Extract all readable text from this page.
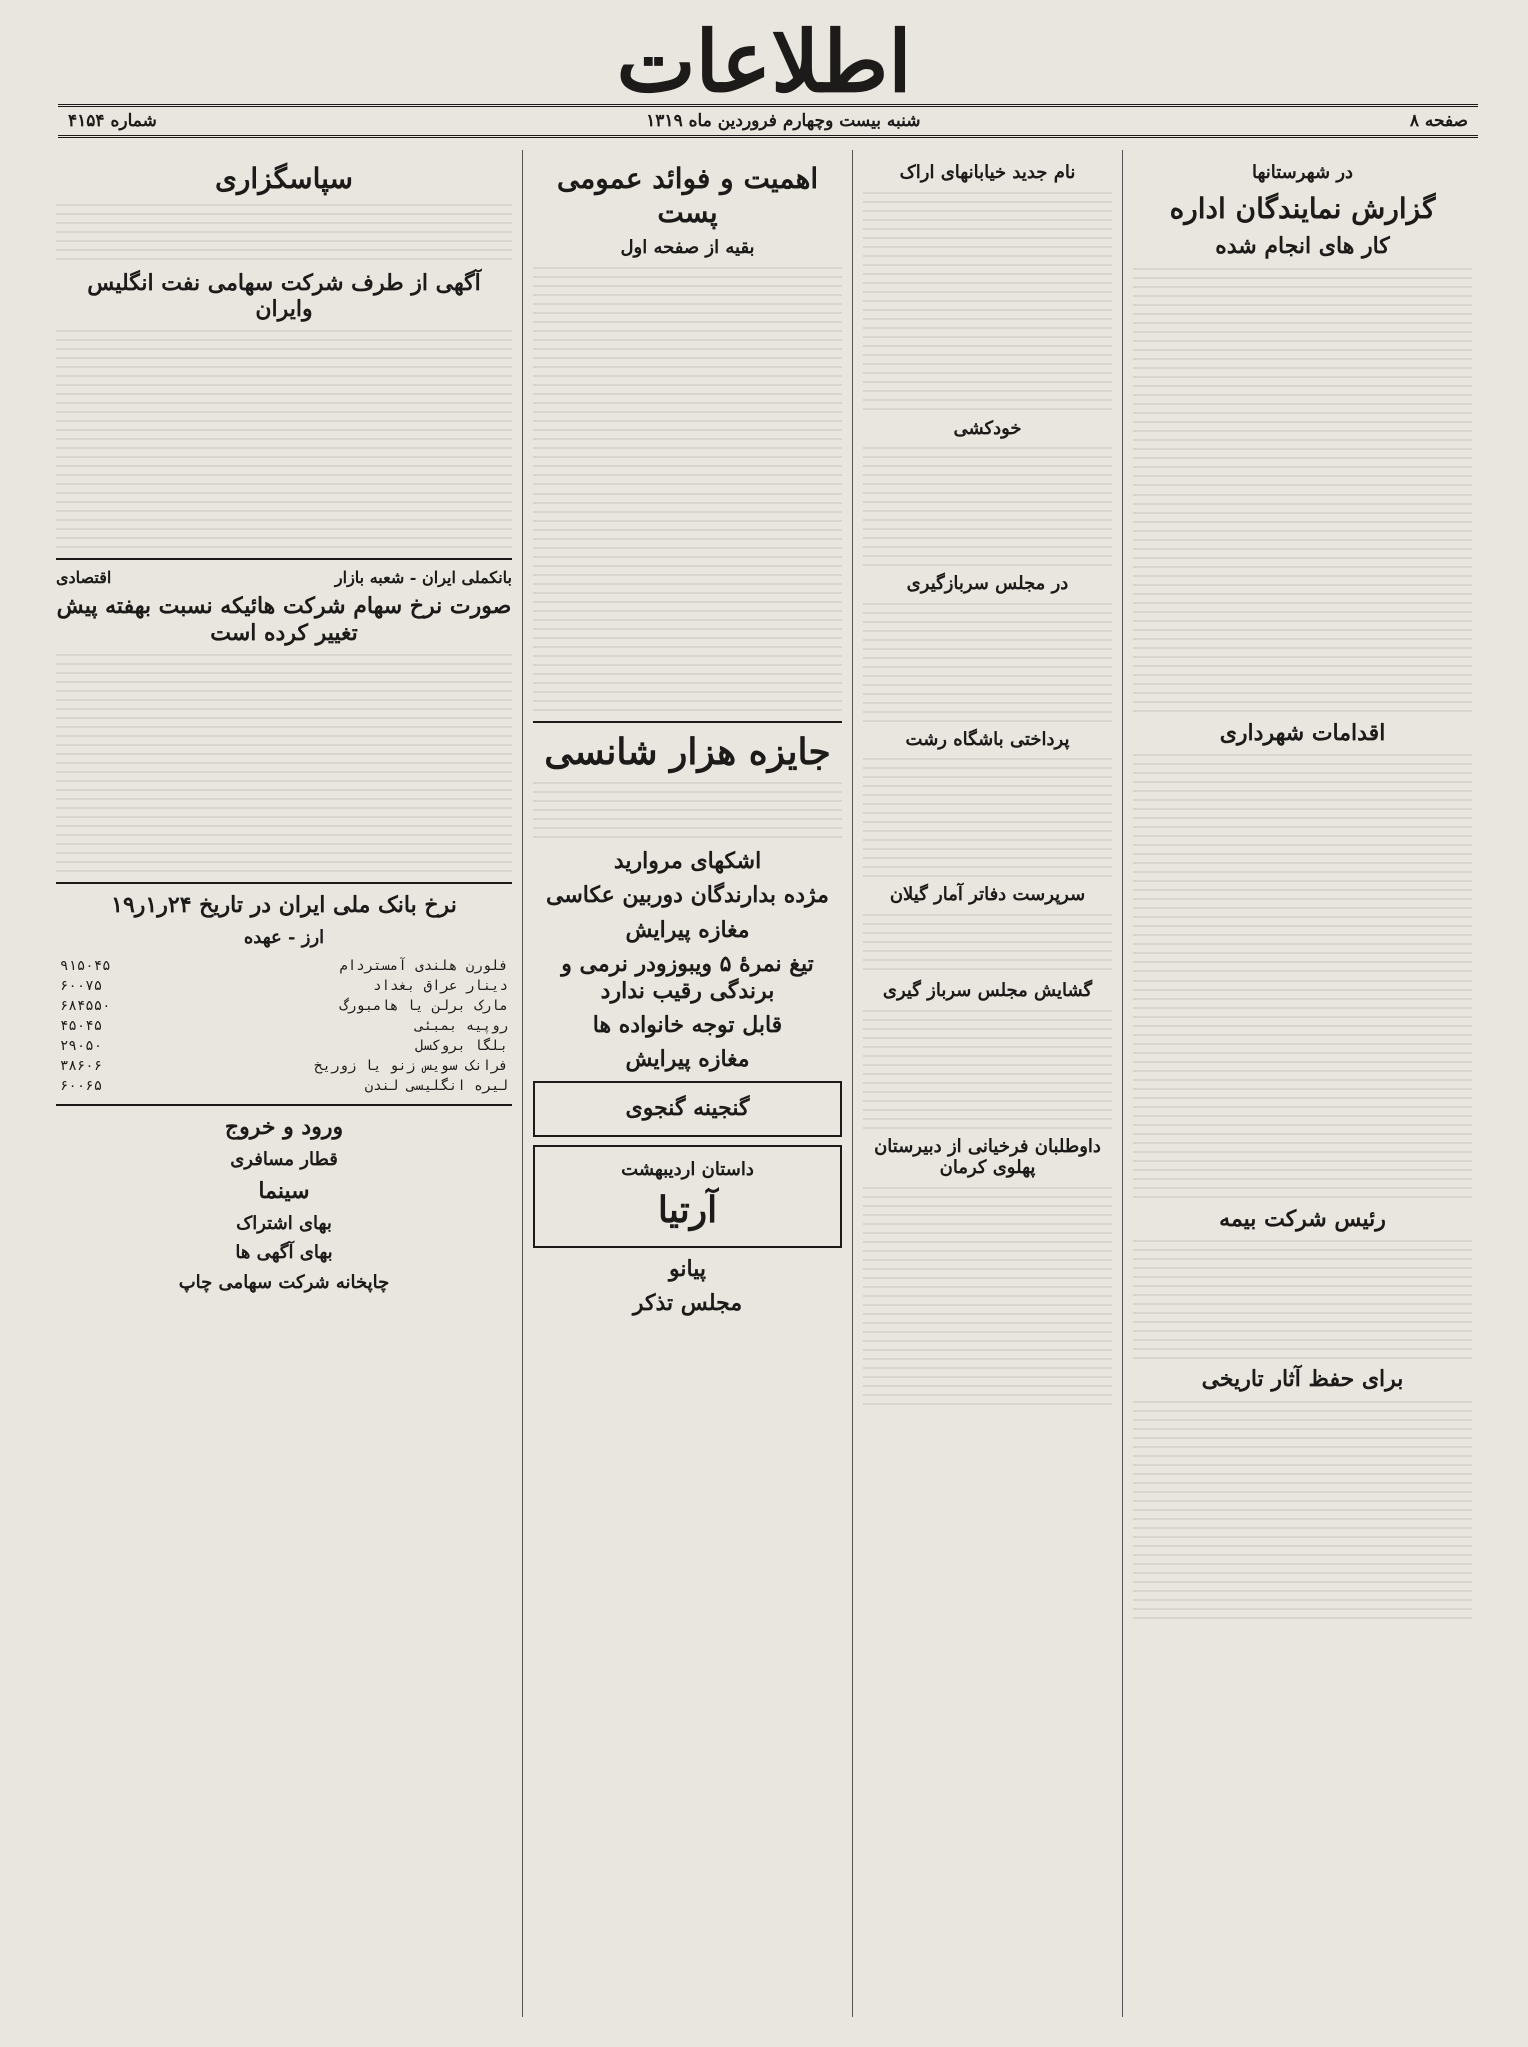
اطلاعات
صفحه ۸
شنبه بیست وچهارم فروردین ماه ۱۳۱۹
شماره ۴۱۵۴
در شهرستانها
گزارش نمایندگان اداره
کار های انجام شده
اقدامات شهرداری
رئیس شرکت بیمه
برای حفظ آثار تاریخی
نام جدید خیابانهای اراک
خودکشی
در مجلس سربازگیری
پرداختی باشگاه رشت
سرپرست دفاتر آمار گیلان
گشایش مجلس سرباز گیری
داوطلبان فرخیانی از دبیرستان پهلوی کرمان
اهمیت و فوائد عمومی پست
بقیه از صفحه اول
جایزه هزار شانسی
اشکهای مروارید
مژده بدارندگان دوربین عکاسی
مغازه پیرایش
تیغ نمرهٔ ۵ ویبوزودر نرمی و برندگی رقیب ندارد
قابل توجه خانواده ها
مغازه پیرایش
گنجینه گنجوی
داستان اردیبهشت
آرتیا
پیانو
مجلس تذکر
سپاسگزاری
آگهی از طرف شرکت سهامی نفت انگلیس وایران
بانکملی ایران - شعبه بازار
اقتصادی
صورت نرخ سهام شرکت هائیکه نسبت بهفته پیش تغییر کرده است
نرخ بانک ملی ایران در تاریخ ۲۴ر۱ر۱۹
ارز - عهده
فلورن هلندی آمستردام	۹۱۵۰۴۵
دینار عراق بغداد	۶۰۰۷۵
مارک برلن یا هامبورگ	۶۸۴۵۵۰
روپیه بمبئی	۴۵۰۴۵
بلگا بروکسل	۲۹۰۵۰
فرانک سویس زنو یا زوریخ	۳۸۶۰۶
لیره انگلیسی لندن	۶۰۰۶۵
ورود و خروج
قطار مسافری
سینما
بهای اشتراک
بهای آگهی ها
چاپخانه شرکت سهامی چاپ
